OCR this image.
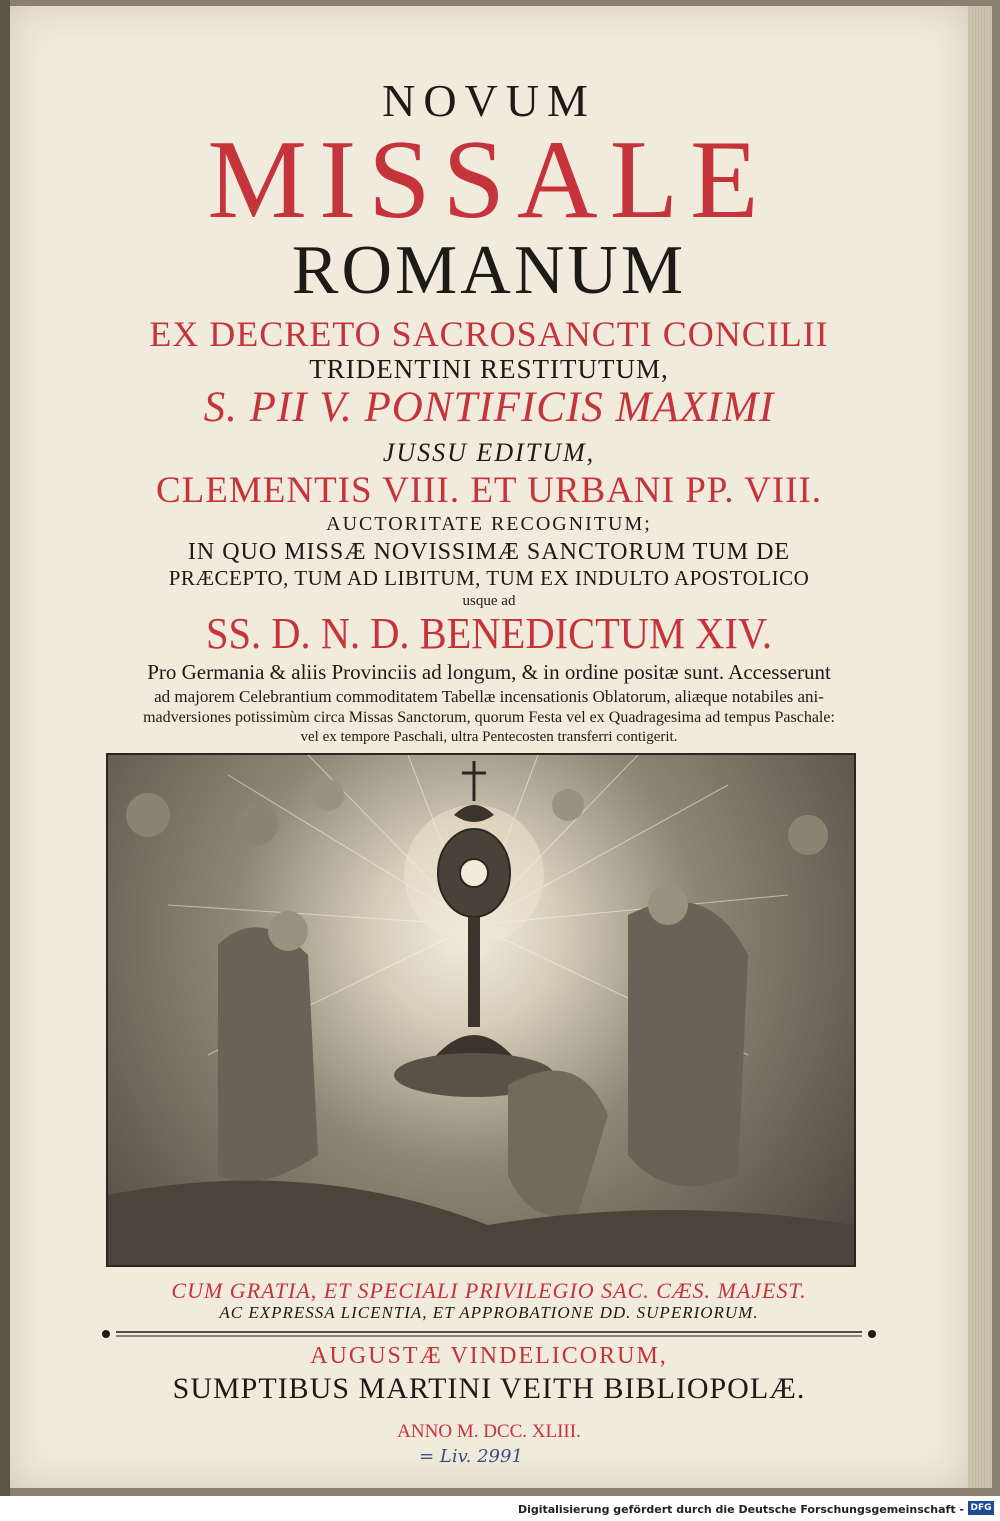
NOVUM
MISSALE
ROMANUM
EX DECRETO SACROSANCTI CONCILII
TRIDENTINI RESTITUTUM,
S. PII V. PONTIFICIS MAXIMI
JUSSU EDITUM,
CLEMENTIS VIII. ET URBANI PP. VIII.
AUCTORITATE RECOGNITUM;
IN QUO MISSÆ NOVISSIMÆ SANCTORUM TUM DE
PRÆCEPTO, TUM AD LIBITUM, TUM EX INDULTO APOSTOLICO
usque ad
SS. D. N. D. BENEDICTUM XIV.
Pro Germania & aliis Provinciis ad longum, & in ordine positæ sunt. Accesserunt
ad majorem Celebrantium commoditatem Tabellæ incensationis Oblatorum, aliæque notabiles ani-
madversiones potissimùm circa Missas Sanctorum, quorum Festa vel ex Quadragesima ad tempus Paschale:
vel ex tempore Paschali, ultra Pentecosten transferri contigerit.
CUM GRATIA, ET SPECIALI PRIVILEGIO SAC. CÆS. MAJEST.
AC EXPRESSA LICENTIA, ET APPROBATIONE DD. SUPERIORUM.
AUGUSTÆ VINDELICORUM,
SUMPTIBUS MARTINI VEITH BIBLIOPOLÆ.
ANNO M. DCC. XLIII.
= Liv. 2991
Digitalisierung gefördert durch die Deutsche Forschungsgemeinschaft - DFG
